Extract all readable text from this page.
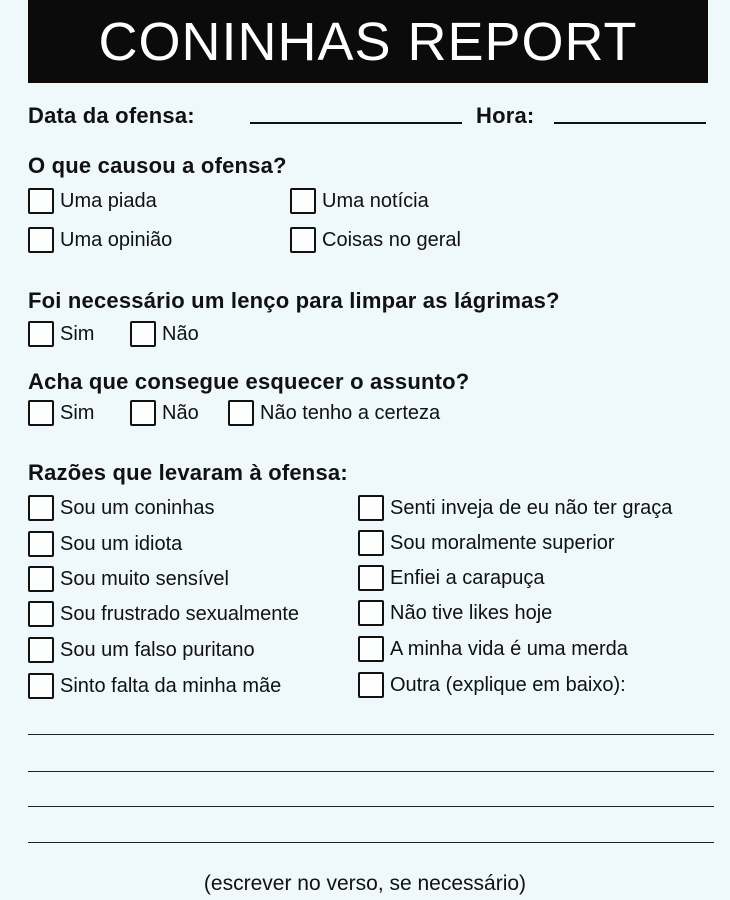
CONINHAS REPORT
Data da ofensa:	Hora:
O que causou a ofensa?
Uma piada	Uma notícia
Uma opinião	Coisas no geral
Foi necessário um lenço para limpar as lágrimas?
Sim	Não
Acha que consegue esquecer o assunto?
Sim	Não	Não tenho a certeza
Razões que levaram à ofensa:
Sou um coninhas
Sou um idiota
Sou muito sensível
Sou frustrado sexualmente
Sou um falso puritano
Sinto falta da minha mãe
Senti inveja de eu não ter graça
Sou moralmente superior
Enfiei a carapuça
Não tive likes hoje
A minha vida é uma merda
Outra (explique em baixo):
(escrever no verso, se necessário)
